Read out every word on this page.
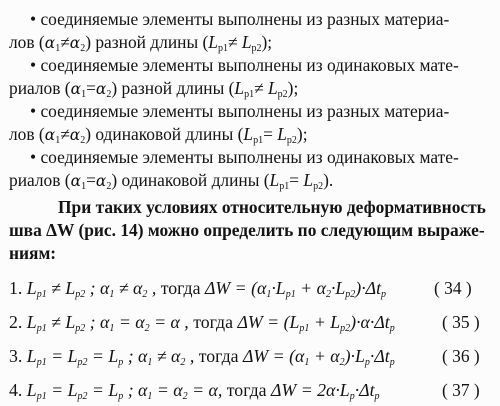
• соединяемые элементы выполнены из разных материа-
лов $(\alpha_1\ne\alpha_2)$ разной длины $(L_{p1}\ne L_{p2})$;
• соединяемые элементы выполнены из одинаковых мате-
риалов $(\alpha_1=\alpha_2)$ разной длины $(L_{p1}\ne L_{p2})$;
• соединяемые элементы выполнены из разных материа-
лов $(\alpha_1\ne\alpha_2)$ одинаковой длины $(L_{p1}= L_{p2})$;
• соединяемые элементы выполнены из одинаковых мате-
риалов $(\alpha_1=\alpha_2)$ одинаковой длины $(L_{p1}= L_{p2})$.
При таких условиях относительную деформативность
шва ΔW (рис. 14) можно определить по следующим выраже-
ниям:
1. $L_{p1} \ne L_{p2}$ ; $\alpha_1 \ne \alpha_2$ , тогда $\Delta W = (\alpha_1\cdot L_{p1} + \alpha_2\cdot L_{p2})\cdot\Delta t_p$	( 34 )
2. $L_{p1} \ne L_{p2}$ ; $\alpha_1 = \alpha_2 = \alpha$ , тогда $\Delta W = (L_{p1} + L_{p2})\cdot\alpha\cdot\Delta t_p$	( 35 )
3. $L_{p1} = L_{p2} = L_p$ ; $\alpha_1 \ne \alpha_2$ , тогда $\Delta W = (\alpha_1 + \alpha_2)\cdot L_p\cdot\Delta t_p$	( 36 )
4. $L_{p1} = L_{p2} = L_p$ ; $\alpha_1 = \alpha_2 = \alpha$, тогда $\Delta W = 2\alpha\cdot L_p\cdot\Delta t_p$	( 37 )
